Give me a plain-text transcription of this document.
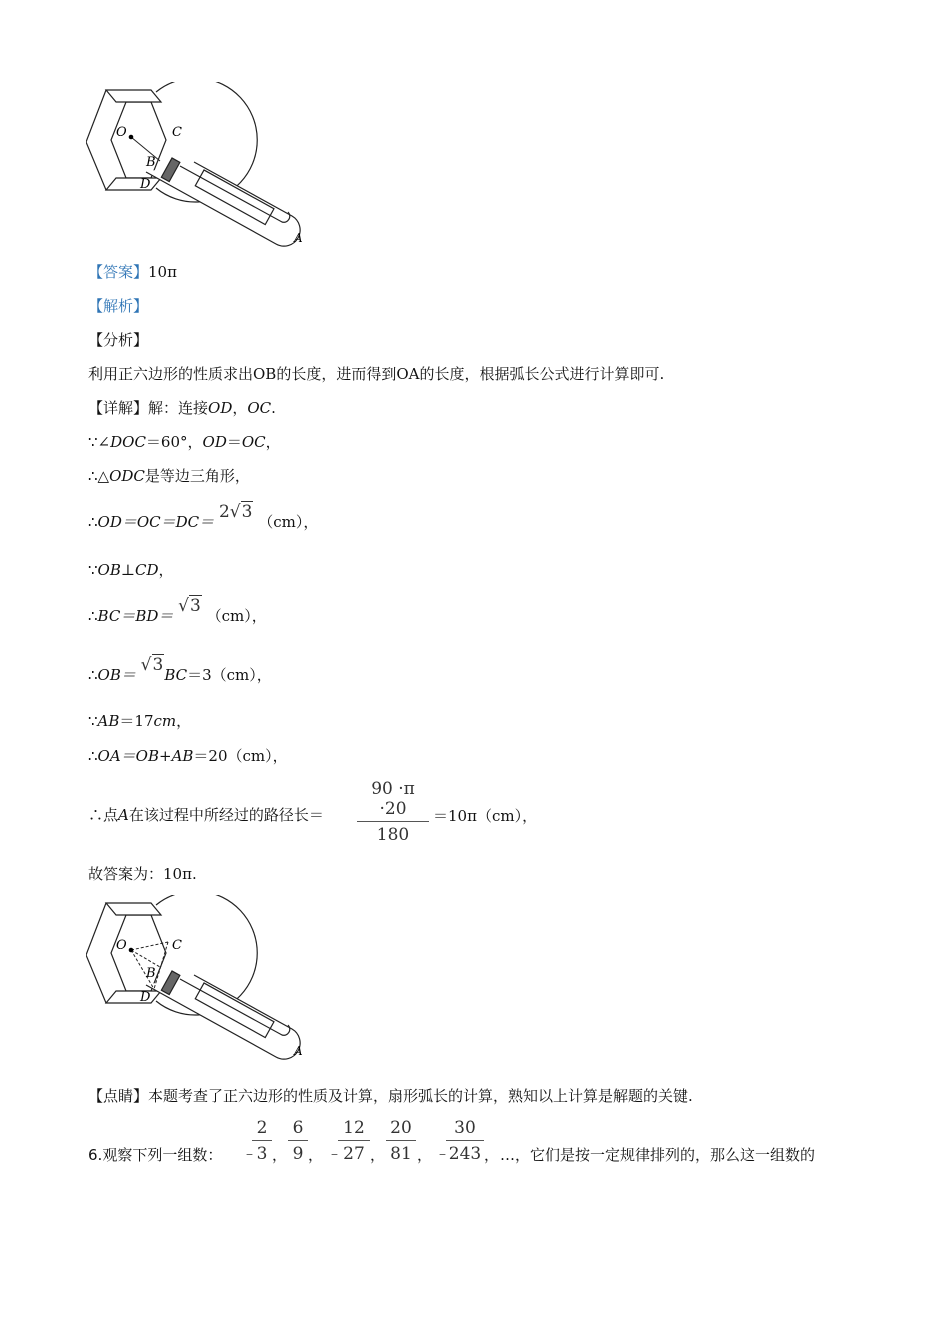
O	C
B
D
A
【答案】10π
【解析】
【分析】
利用正六边形的性质求出OB的长度，进而得到OA的长度，根据弧长公式进行计算即可.
【详解】解：连接OD，OC.
∵∠DOC＝60°，OD＝OC，
∴△ODC是等边三角形，
∴OD＝OC＝DC＝ 2√3 （cm），
∵OB⊥CD，
∴BC＝BD＝ √3 （cm），
∴OB＝ √3BC＝3（cm），
∵AB＝17cm，
∴OA＝OB+AB＝20（cm），
∴点A在该过程中所经过的路径长＝
90 ·π ·20
180
＝10π（cm），
故答案为：10π.
O	C
B
D
A
【点睛】本题考查了正六边形的性质及计算，扇形弧长的计算，熟知以上计算是解题的关键.
6.观察下列一组数： ﹣
2
3 ，
6
9 ， ﹣
12
27 ，
20
81 ， ﹣
30
243 ， …，它们是按一定规律排列的，那么这一组数的
